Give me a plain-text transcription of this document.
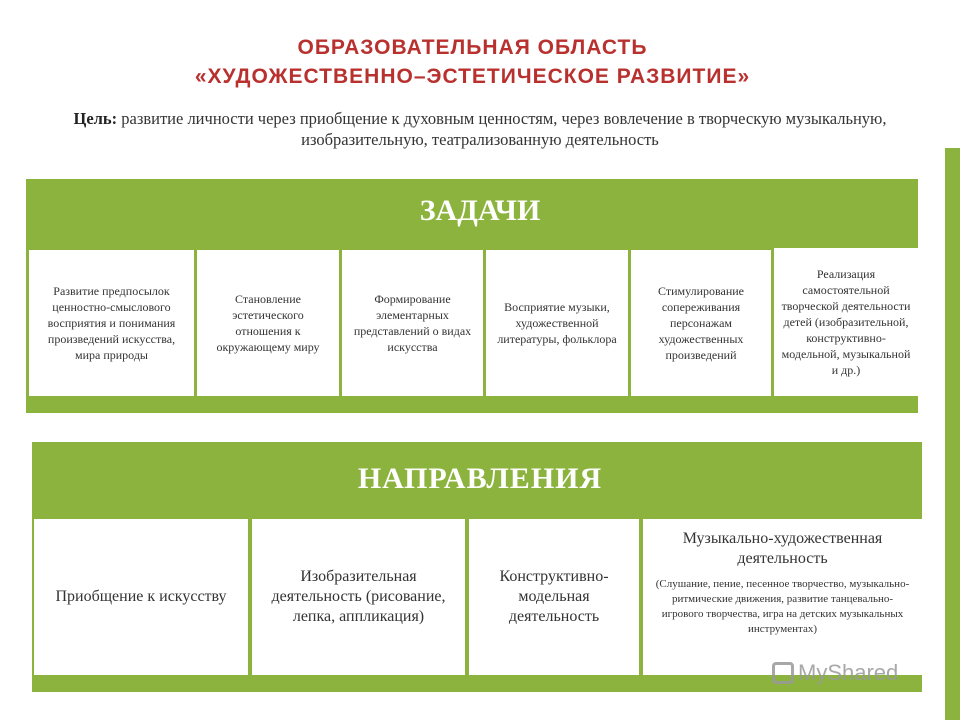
ОБРАЗОВАТЕЛЬНАЯ ОБЛАСТЬ
«ХУДОЖЕСТВЕННО–ЭСТЕТИЧЕСКОЕ РАЗВИТИЕ»
Цель: развитие личности через приобщение к духовным ценностям, через вовлечение в творческую музыкальную, изобразительную, театрализованную деятельность
ЗАДАЧИ
Развитие предпосылок ценностно-смыслового восприятия и понимания произведений искусства, мира природы
Становление эстетического отношения к окружающему миру
Формирование элементарных представлений о видах искусства
Восприятие музыки, художественной литературы, фольклора
Стимулирование сопереживания персонажам художественных произведений
Реализация самостоятельной творческой деятельности детей (изобразительной, конструктивно-модельной, музыкальной и др.)
НАПРАВЛЕНИЯ
Приобщение к искусству
Изобразительная деятельность (рисование, лепка, аппликация)
Конструктивно-модельная деятельность
Музыкально-художественная деятельность
(Слушание, пение, песенное творчество, музыкально-ритмические движения, развитие танцевально-игрового творчества, игра на детских музыкальных инструментах)
MyShared
